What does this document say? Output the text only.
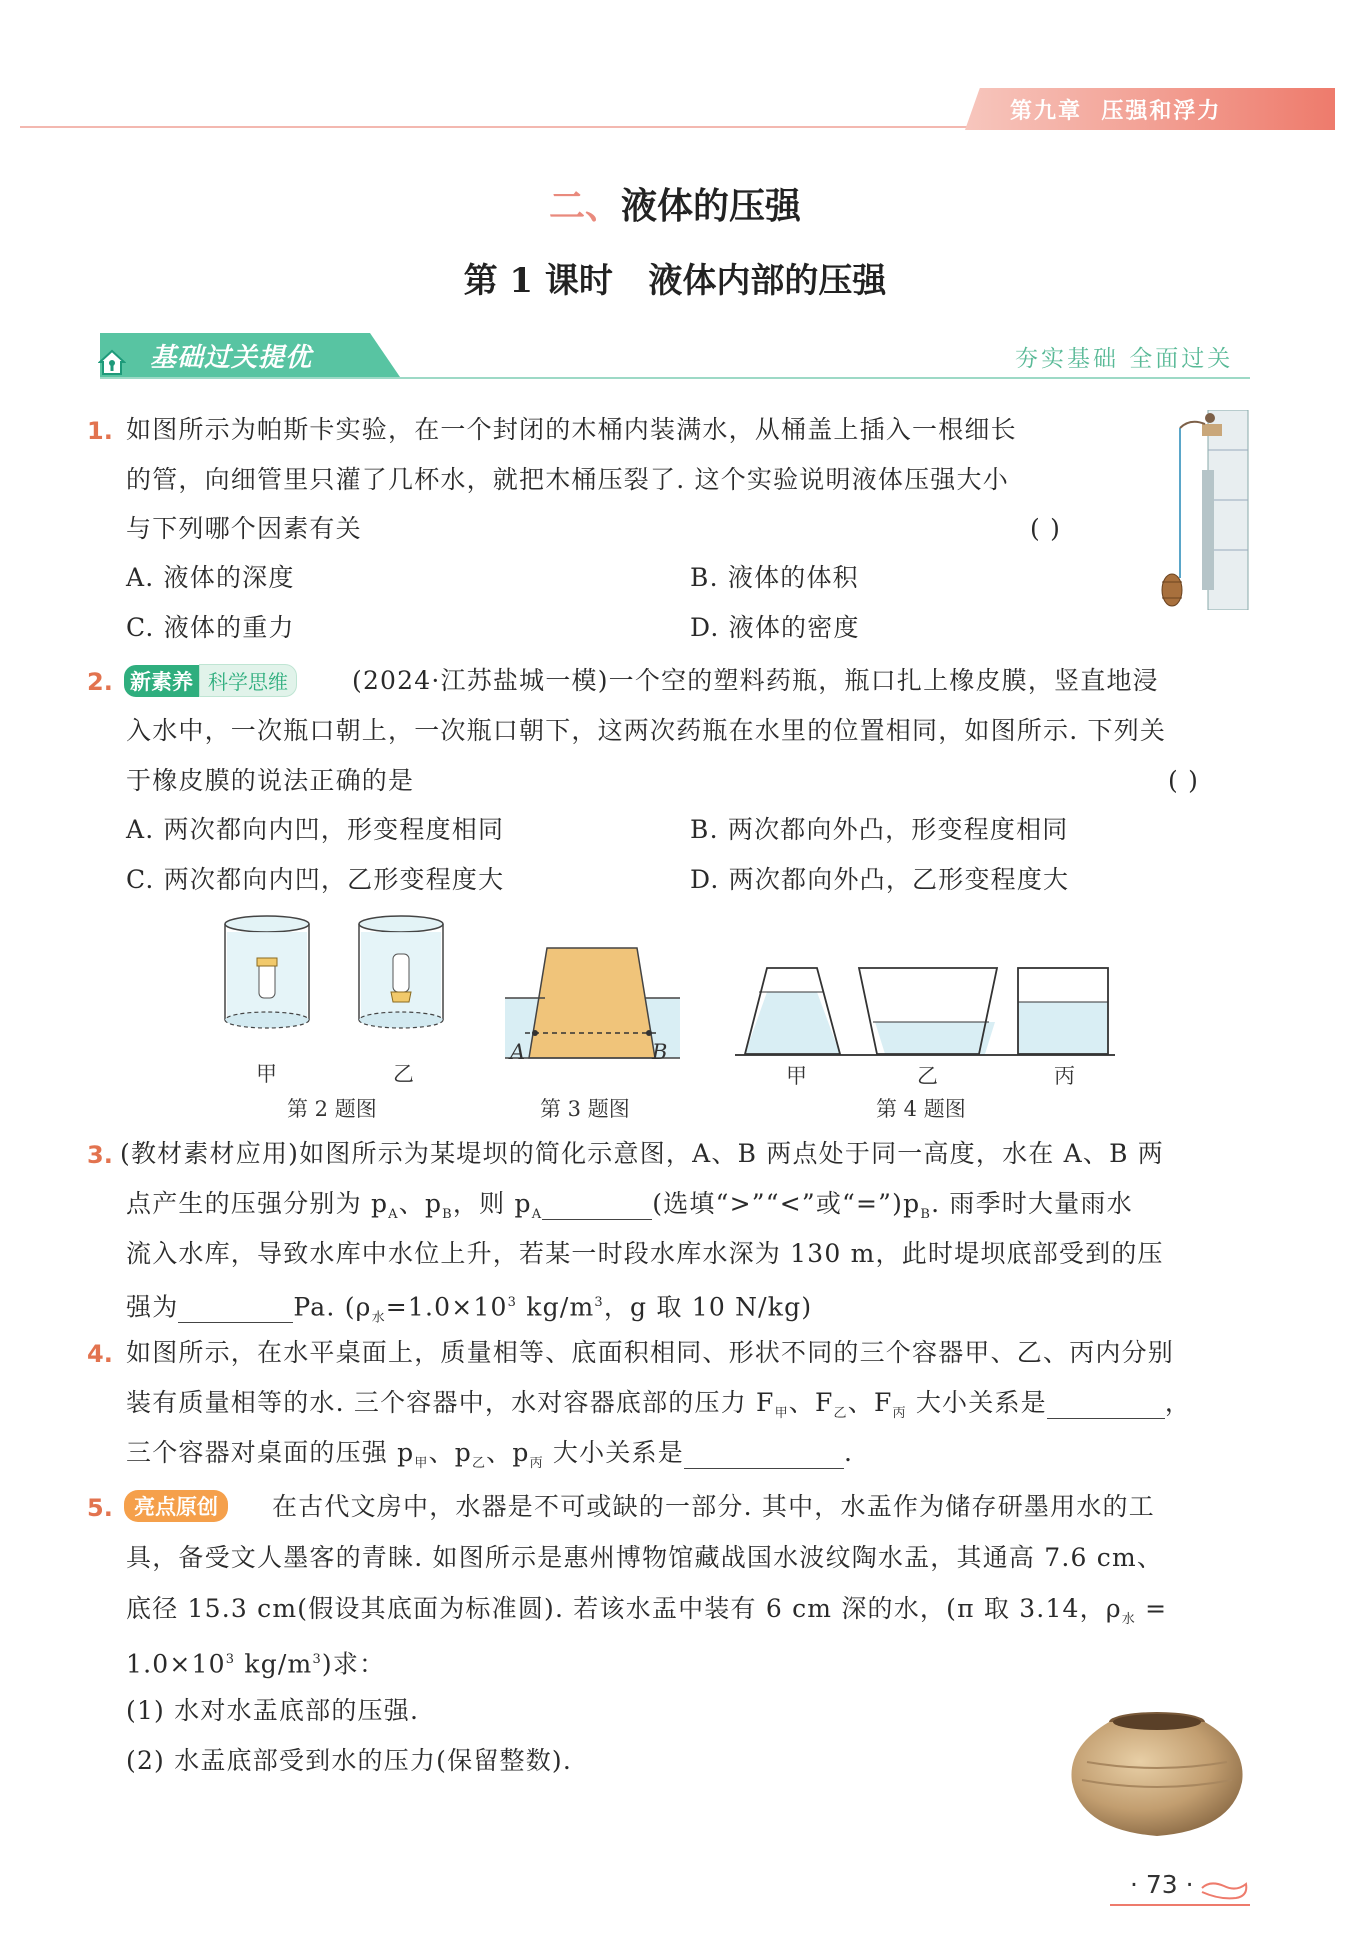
第九章 压强和浮力
二、液体的压强
第 1 课时 液体内部的压强
基础过关提优	夯实基础 全面过关
1. 如图所示为帕斯卡实验，在一个封闭的木桶内装满水，从桶盖上插入一根细长
的管，向细管里只灌了几杯水，就把木桶压裂了. 这个实验说明液体压强大小
与下列哪个因素有关	( )
A. 液体的深度	B. 液体的体积
C. 液体的重力	D. 液体的密度
2. 新素养 科学思维	(2024·江苏盐城一模)一个空的塑料药瓶，瓶口扎上橡皮膜，竖直地浸
入水中，一次瓶口朝上，一次瓶口朝下，这两次药瓶在水里的位置相同，如图所示. 下列关
于橡皮膜的说法正确的是	( )
A. 两次都向内凹，形变程度相同	B. 两次都向外凸，形变程度相同
C. 两次都向内凹，乙形变程度大	D. 两次都向外凸，乙形变程度大
甲	乙
第 2 题图
A	B
第 3 题图
甲	乙	丙
第 4 题图
3. (教材素材应用)如图所示为某堤坝的简化示意图，A、B 两点处于同一高度，水在 A、B 两
点产生的压强分别为 $p_A$、$p_B$，则 $p_A$	(选填“>”“<”或“$=”)p_B$. 雨季时大量雨水
流入水库，导致水库中水位上升，若某一时段水库水深为 130 m，此时堤坝底部受到的压
强为	Pa. ($\rho_水=1.0\times 10^3$ $kg/m^3$，g 取 10 N/kg)
4. 如图所示，在水平桌面上，质量相等、底面积相同、形状不同的三个容器甲、乙、丙内分别
装有质量相等的水. 三个容器中，水对容器底部的压力 $F_甲$、$F_乙$、$F_丙$ 大小关系是	，
三个容器对桌面的压强 $p_甲$、$p_乙$、$p_丙$ 大小关系是	.
5.	亮点原创	在古代文房中，水器是不可或缺的一部分. 其中，水盂作为储存研墨用水的工
具，备受文人墨客的青睐. 如图所示是惠州博物馆藏战国水波纹陶水盂，其通高 7.6 cm、
底径 15.3 cm(假设其底面为标准圆). 若该水盂中装有 6 cm 深的水，(π 取 3.14，$\rho_水$ =
$1.0\times 10^3$ $kg/m^3$)求：
(1) 水对水盂底部的压强.
(2) 水盂底部受到水的压力(保留整数).
· 73 ·
